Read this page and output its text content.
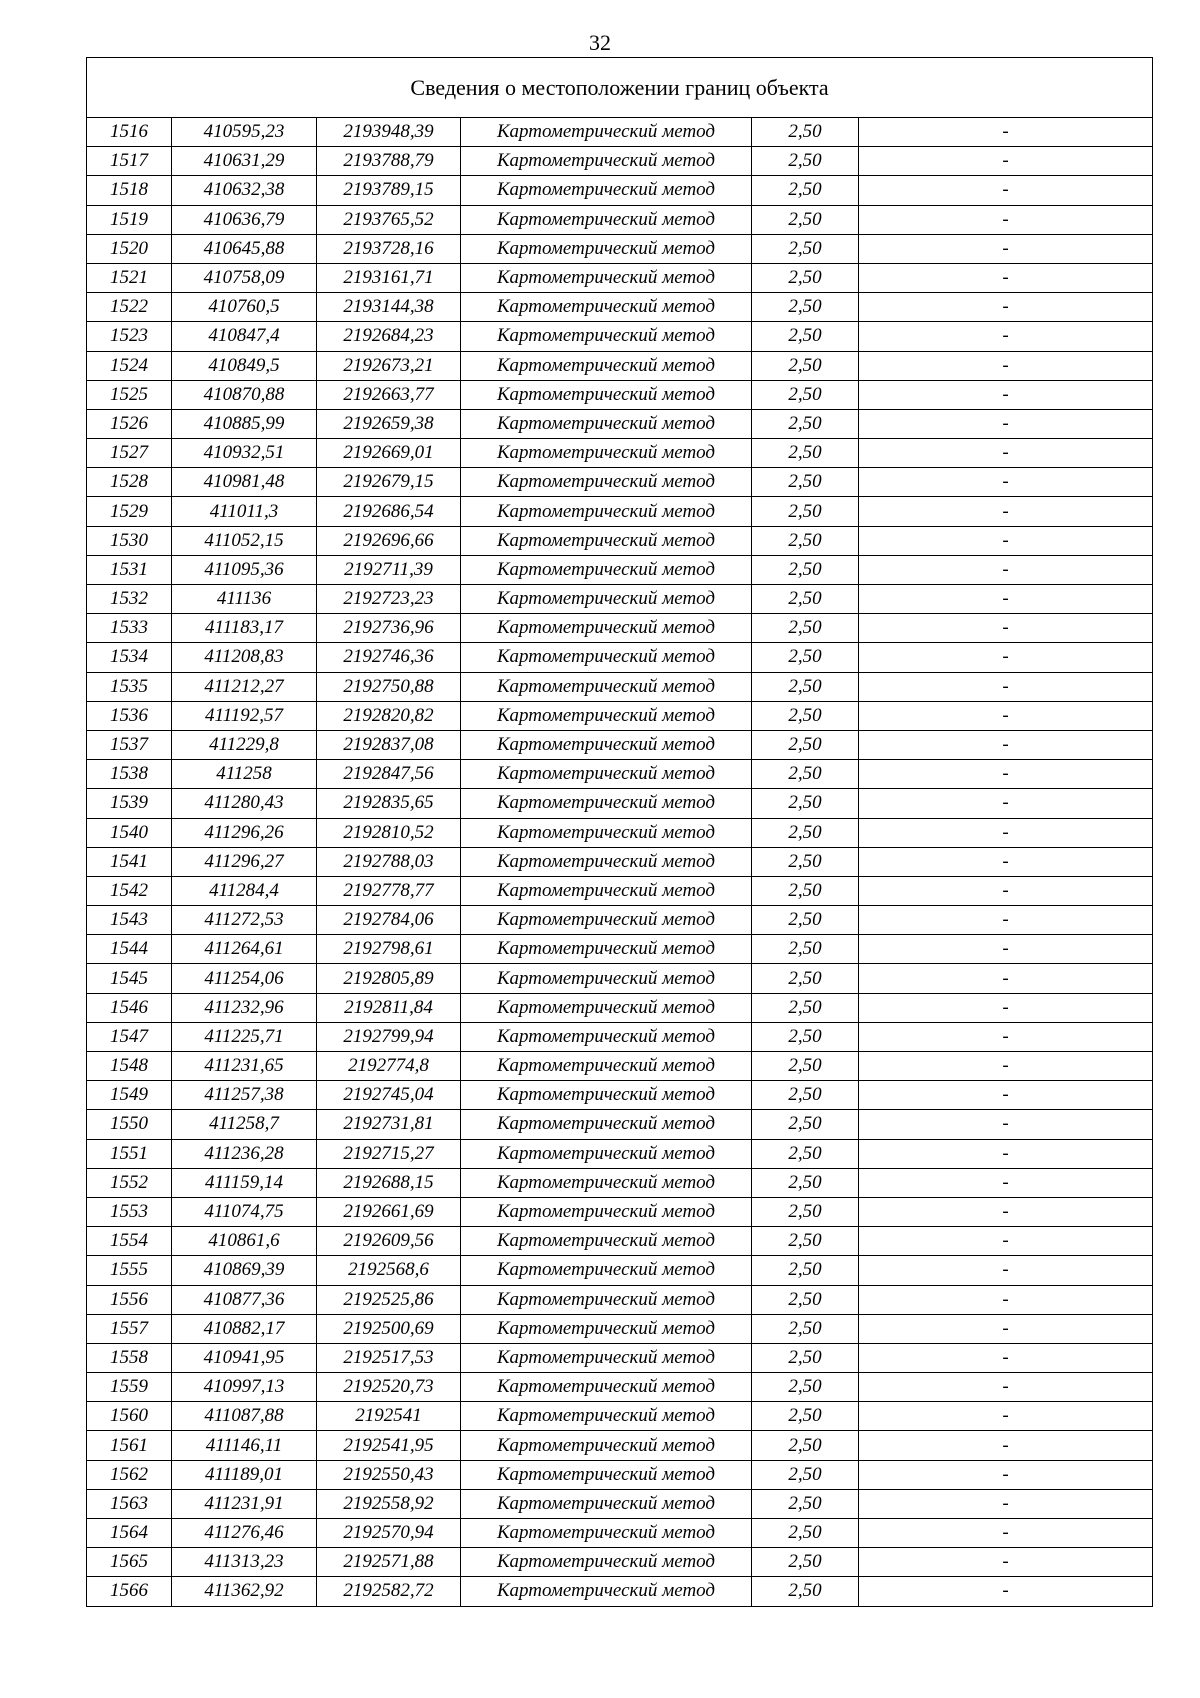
32
Сведения о местоположении границ объекта					
1516	410595,23	2193948,39	Картометрический метод	2,50	-
1517	410631,29	2193788,79	Картометрический метод	2,50	-
1518	410632,38	2193789,15	Картометрический метод	2,50	-
1519	410636,79	2193765,52	Картометрический метод	2,50	-
1520	410645,88	2193728,16	Картометрический метод	2,50	-
1521	410758,09	2193161,71	Картометрический метод	2,50	-
1522	410760,5	2193144,38	Картометрический метод	2,50	-
1523	410847,4	2192684,23	Картометрический метод	2,50	-
1524	410849,5	2192673,21	Картометрический метод	2,50	-
1525	410870,88	2192663,77	Картометрический метод	2,50	-
1526	410885,99	2192659,38	Картометрический метод	2,50	-
1527	410932,51	2192669,01	Картометрический метод	2,50	-
1528	410981,48	2192679,15	Картометрический метод	2,50	-
1529	411011,3	2192686,54	Картометрический метод	2,50	-
1530	411052,15	2192696,66	Картометрический метод	2,50	-
1531	411095,36	2192711,39	Картометрический метод	2,50	-
1532	411136	2192723,23	Картометрический метод	2,50	-
1533	411183,17	2192736,96	Картометрический метод	2,50	-
1534	411208,83	2192746,36	Картометрический метод	2,50	-
1535	411212,27	2192750,88	Картометрический метод	2,50	-
1536	411192,57	2192820,82	Картометрический метод	2,50	-
1537	411229,8	2192837,08	Картометрический метод	2,50	-
1538	411258	2192847,56	Картометрический метод	2,50	-
1539	411280,43	2192835,65	Картометрический метод	2,50	-
1540	411296,26	2192810,52	Картометрический метод	2,50	-
1541	411296,27	2192788,03	Картометрический метод	2,50	-
1542	411284,4	2192778,77	Картометрический метод	2,50	-
1543	411272,53	2192784,06	Картометрический метод	2,50	-
1544	411264,61	2192798,61	Картометрический метод	2,50	-
1545	411254,06	2192805,89	Картометрический метод	2,50	-
1546	411232,96	2192811,84	Картометрический метод	2,50	-
1547	411225,71	2192799,94	Картометрический метод	2,50	-
1548	411231,65	2192774,8	Картометрический метод	2,50	-
1549	411257,38	2192745,04	Картометрический метод	2,50	-
1550	411258,7	2192731,81	Картометрический метод	2,50	-
1551	411236,28	2192715,27	Картометрический метод	2,50	-
1552	411159,14	2192688,15	Картометрический метод	2,50	-
1553	411074,75	2192661,69	Картометрический метод	2,50	-
1554	410861,6	2192609,56	Картометрический метод	2,50	-
1555	410869,39	2192568,6	Картометрический метод	2,50	-
1556	410877,36	2192525,86	Картометрический метод	2,50	-
1557	410882,17	2192500,69	Картометрический метод	2,50	-
1558	410941,95	2192517,53	Картометрический метод	2,50	-
1559	410997,13	2192520,73	Картометрический метод	2,50	-
1560	411087,88	2192541	Картометрический метод	2,50	-
1561	411146,11	2192541,95	Картометрический метод	2,50	-
1562	411189,01	2192550,43	Картометрический метод	2,50	-
1563	411231,91	2192558,92	Картометрический метод	2,50	-
1564	411276,46	2192570,94	Картометрический метод	2,50	-
1565	411313,23	2192571,88	Картометрический метод	2,50	-
1566	411362,92	2192582,72	Картометрический метод	2,50	-
